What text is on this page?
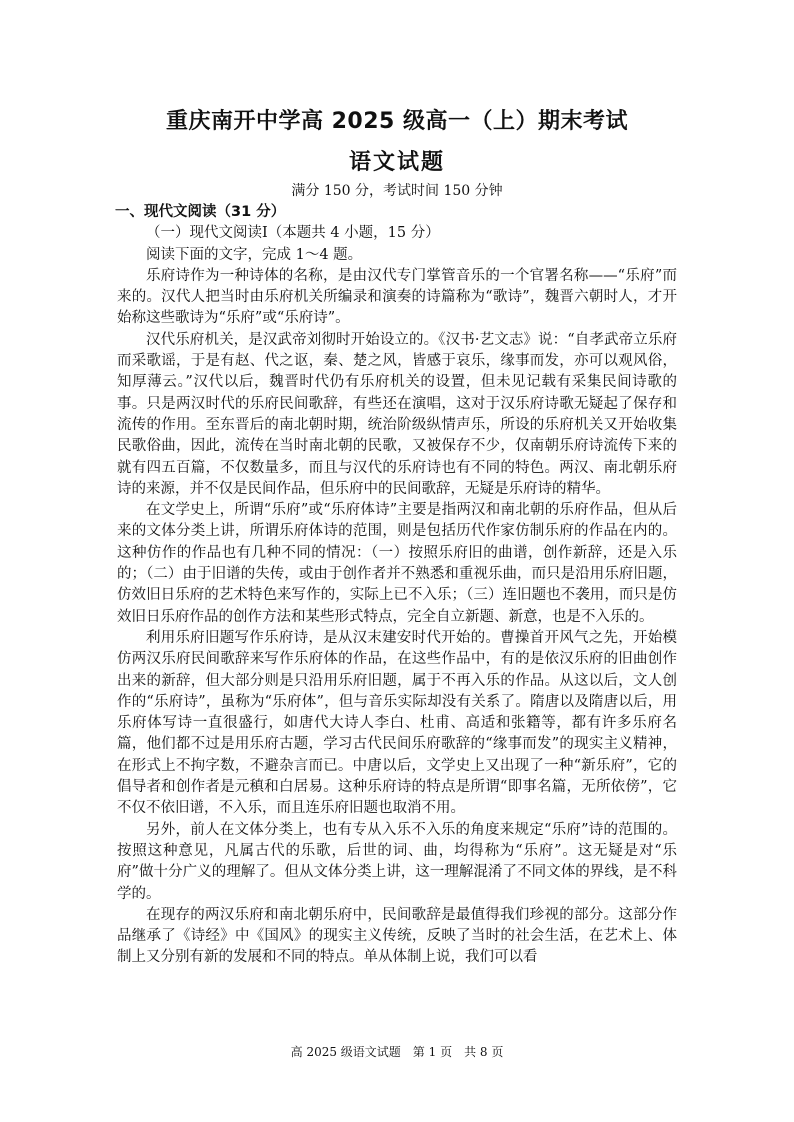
重庆南开中学高 2025 级高一（上）期末考试
语文试题

满分 150 分，考试时间 150 分钟

一、现代文阅读（31 分）

（一）现代文阅读Ⅰ（本题共 4 小题，15 分）

阅读下面的文字，完成 1～4 题。

乐府诗作为一种诗体的名称，是由汉代专门掌管音乐的一个官署名称——“乐府”而来的。汉代人把当时由乐府机关所编录和演奏的诗篇称为“歌诗”，魏晋六朝时人，才开始称这些歌诗为“乐府”或“乐府诗”。

汉代乐府机关，是汉武帝刘彻时开始设立的。《汉书·艺文志》说：“自孝武帝立乐府而采歌谣，于是有赵、代之讴，秦、楚之风，皆感于哀乐，缘事而发，亦可以观风俗，知厚薄云。”汉代以后，魏晋时代仍有乐府机关的设置，但未见记载有采集民间诗歌的事。只是两汉时代的乐府民间歌辞，有些还在演唱，这对于汉乐府诗歌无疑起了保存和流传的作用。至东晋后的南北朝时期，统治阶级纵情声乐，所设的乐府机关又开始收集民歌俗曲，因此，流传在当时南北朝的民歌，又被保存不少，仅南朝乐府诗流传下来的就有四五百篇，不仅数量多，而且与汉代的乐府诗也有不同的特色。两汉、南北朝乐府诗的来源，并不仅是民间作品，但乐府中的民间歌辞，无疑是乐府诗的精华。

在文学史上，所谓“乐府”或“乐府体诗”主要是指两汉和南北朝的乐府作品，但从后来的文体分类上讲，所谓乐府体诗的范围，则是包括历代作家仿制乐府的作品在内的。这种仿作的作品也有几种不同的情况：（一）按照乐府旧的曲谱，创作新辞，还是入乐的；（二）由于旧谱的失传，或由于创作者并不熟悉和重视乐曲，而只是沿用乐府旧题，仿效旧日乐府的艺术特色来写作的，实际上已不入乐；（三）连旧题也不袭用，而只是仿效旧日乐府作品的创作方法和某些形式特点，完全自立新题、新意，也是不入乐的。

利用乐府旧题写作乐府诗，是从汉末建安时代开始的。曹操首开风气之先，开始模仿两汉乐府民间歌辞来写作乐府体的作品，在这些作品中，有的是依汉乐府的旧曲创作出来的新辞，但大部分则是只沿用乐府旧题，属于不再入乐的作品。从这以后，文人创作的“乐府诗”，虽称为“乐府体”，但与音乐实际却没有关系了。隋唐以及隋唐以后，用乐府体写诗一直很盛行，如唐代大诗人李白、杜甫、高适和张籍等，都有许多乐府名篇，他们都不过是用乐府古题，学习古代民间乐府歌辞的“缘事而发”的现实主义精神，在形式上不拘字数，不避杂言而已。中唐以后，文学史上又出现了一种“新乐府”，它的倡导者和创作者是元稹和白居易。这种乐府诗的特点是所谓“即事名篇，无所依傍”，它不仅不依旧谱，不入乐，而且连乐府旧题也取消不用。

另外，前人在文体分类上，也有专从入乐不入乐的角度来规定“乐府”诗的范围的。按照这种意见，凡属古代的乐歌，后世的词、曲，均得称为“乐府”。这无疑是对“乐府”做十分广义的理解了。但从文体分类上讲，这一理解混淆了不同文体的界线，是不科学的。

在现存的两汉乐府和南北朝乐府中，民间歌辞是最值得我们珍视的部分。这部分作品继承了《诗经》中《国风》的现实主义传统，反映了当时的社会生活，在艺术上、体制上又分别有新的发展和不同的特点。单从体制上说，我们可以看

高 2025 级语文试题　第 1 页　共 8 页
